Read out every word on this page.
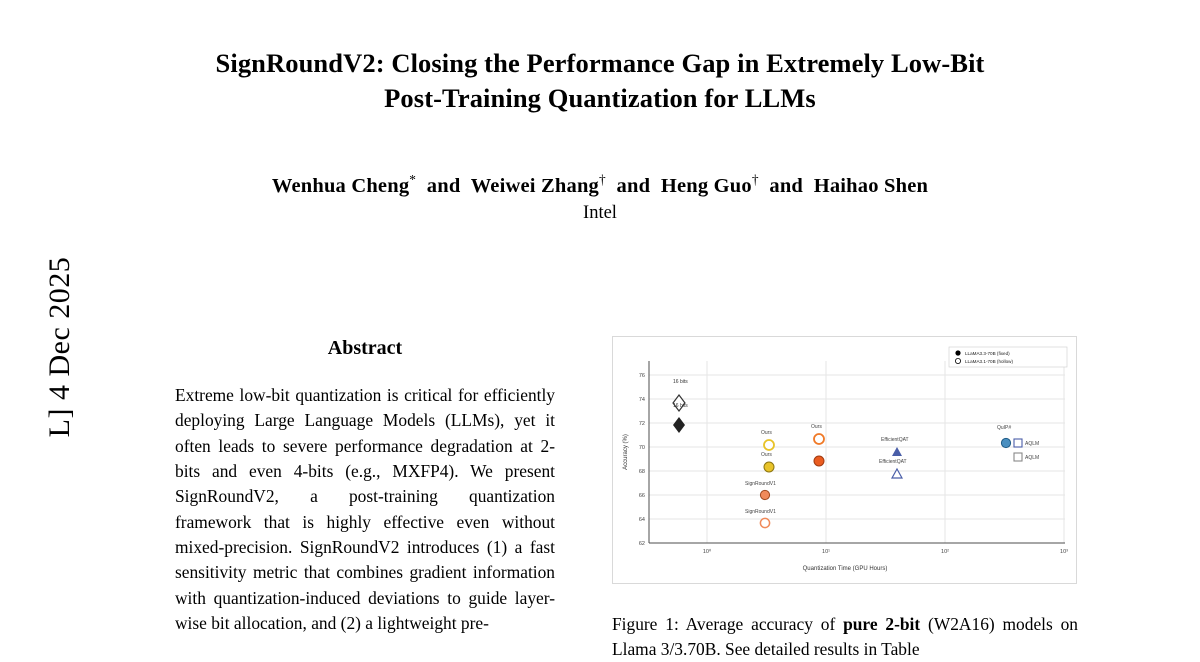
L] 4 Dec 2025
SignRoundV2: Closing the Performance Gap in Extremely Low-Bit
Post-Training Quantization for LLMs
Wenhua Cheng* and Weiwei Zhang† and Heng Guo† and Haihao Shen
Intel
Abstract
Extreme low-bit quantization is critical for efficiently deploying Large Language Models (LLMs), yet it often leads to severe performance degradation at 2-bits and even 4-bits (e.g., MXFP4). We present SignRoundV2, a post-training quantization framework that is highly effective even without mixed-precision. SignRoundV2 introduces (1) a fast sensitivity metric that combines gradient information with quantization-induced deviations to guide layer-wise bit allocation, and (2) a lightweight pre-
62
64
66
68
70
72
74
76
10⁰	10¹	10²	10³
Quantization Time (GPU Hours)
Accuracy (%)
LLaMA3.3-70B (fixed)
LLaMA3.1-70B (hollow)
16 bits
16 bits
Ours
Ours
Ours
SignRoundV1
SignRoundV1
EfficientQAT
EfficientQAT
QuIP#
AQLM
AQLM
Figure 1: Average accuracy of pure 2-bit (W2A16) models on Llama 3/3.70B. See detailed results in Table
